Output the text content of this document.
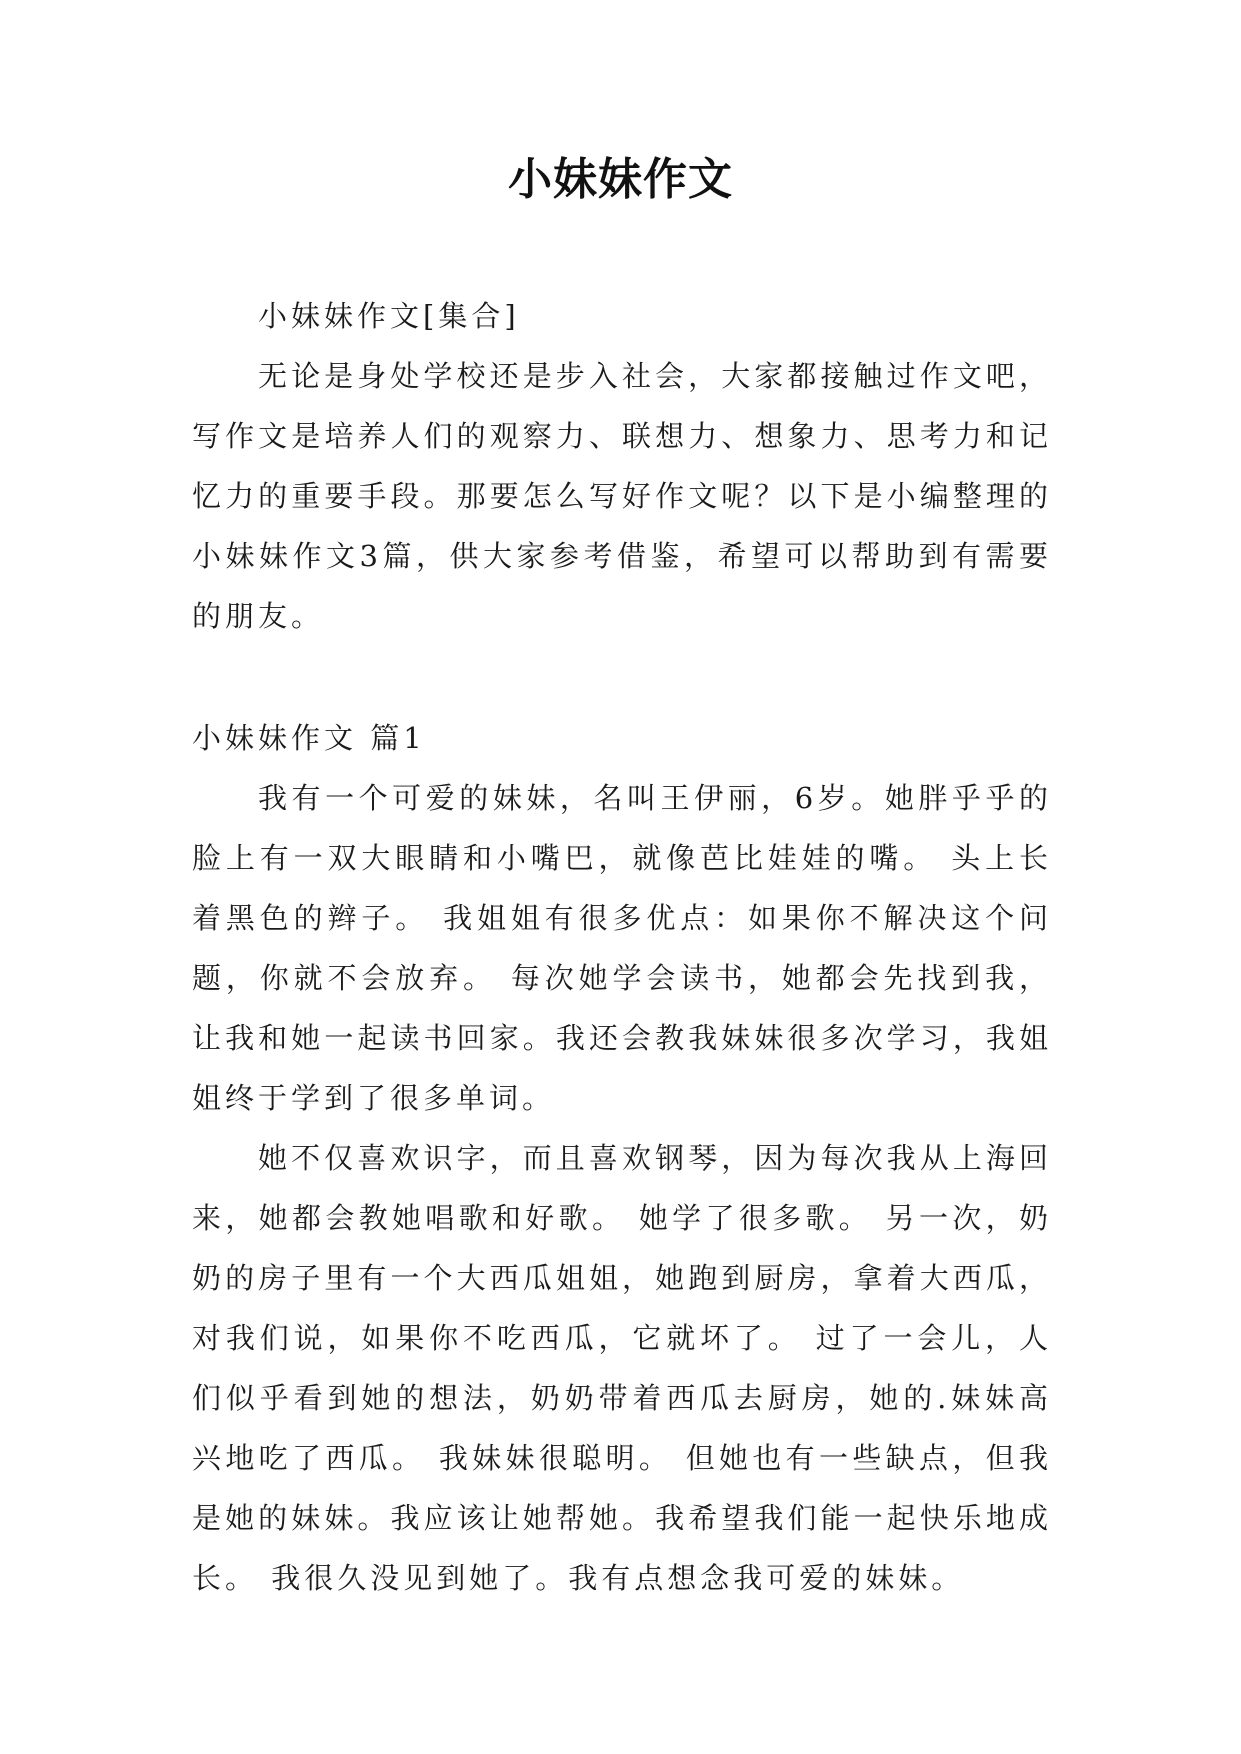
小妹妹作文

小妹妹作文[集合]

无论是身处学校还是步入社会，大家都接触过作文吧，写作文是培养人们的观察力、联想力、想象力、思考力和记忆力的重要手段。那要怎么写好作文呢？以下是小编整理的小妹妹作文3篇，供大家参考借鉴，希望可以帮助到有需要的朋友。

小妹妹作文 篇1

我有一个可爱的妹妹，名叫王伊丽，6岁。她胖乎乎的脸上有一双大眼睛和小嘴巴，就像芭比娃娃的嘴。 头上长着黑色的辫子。 我姐姐有很多优点：如果你不解决这个问题，你就不会放弃。 每次她学会读书，她都会先找到我，让我和她一起读书回家。我还会教我妹妹很多次学习，我姐姐终于学到了很多单词。

她不仅喜欢识字，而且喜欢钢琴，因为每次我从上海回来，她都会教她唱歌和好歌。 她学了很多歌。 另一次，奶奶的房子里有一个大西瓜姐姐，她跑到厨房，拿着大西瓜，对我们说，如果你不吃西瓜，它就坏了。 过了一会儿，人们似乎看到她的想法，奶奶带着西瓜去厨房，她的.妹妹高兴地吃了西瓜。 我妹妹很聪明。 但她也有一些缺点，但我是她的妹妹。我应该让她帮她。我希望我们能一起快乐地成长。 我很久没见到她了。我有点想念我可爱的妹妹。
